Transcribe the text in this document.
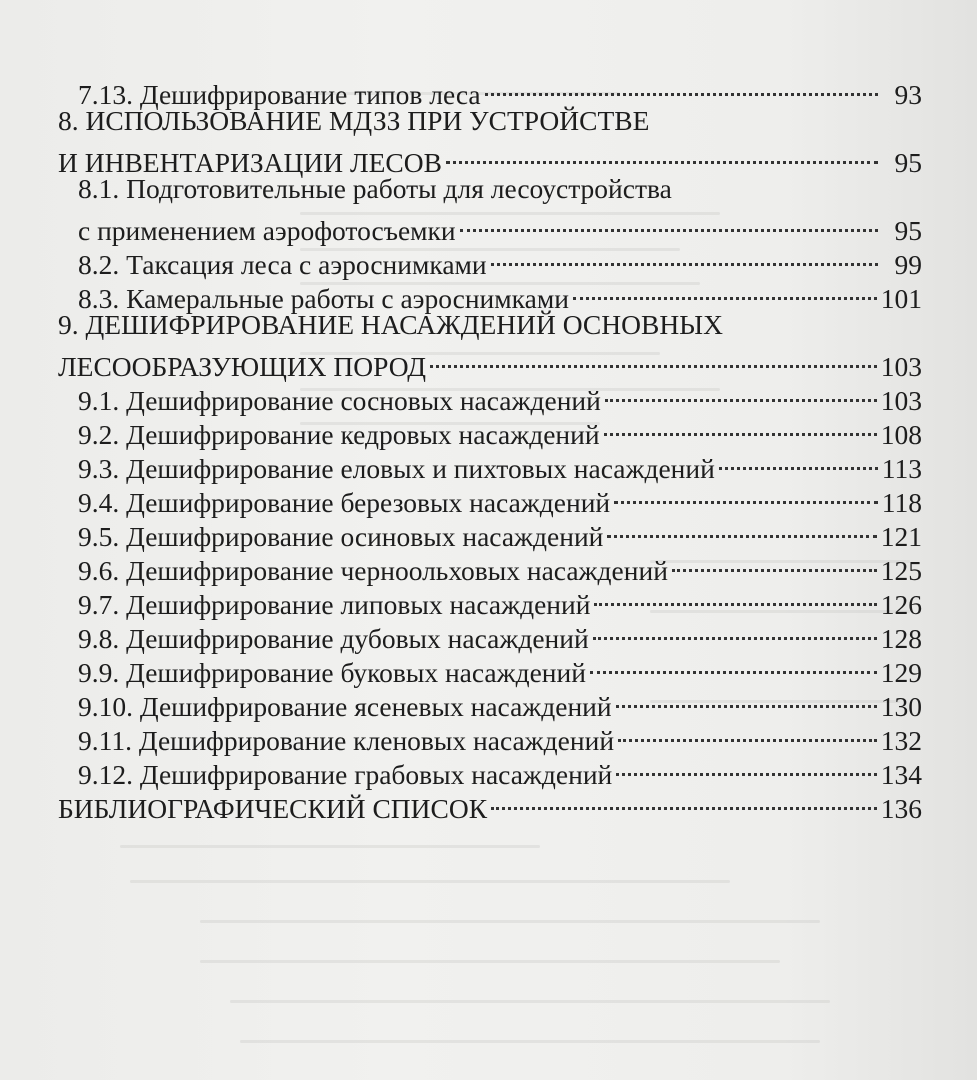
7.13. Дешифрирование типов леса	93
8. ИСПОЛЬЗОВАНИЕ МДЗЗ ПРИ УСТРОЙСТВЕ
И ИНВЕНТАРИЗАЦИИ ЛЕСОВ	95
8.1. Подготовительные работы для лесоустройства
с применением аэрофотосъемки	95
8.2. Таксация леса с аэроснимками	99
8.3. Камеральные работы с аэроснимками	101
9. ДЕШИФРИРОВАНИЕ НАСАЖДЕНИЙ ОСНОВНЫХ
ЛЕСООБРАЗУЮЩИХ ПОРОД	103
9.1. Дешифрирование сосновых насаждений	103
9.2. Дешифрирование кедровых насаждений	108
9.3. Дешифрирование еловых и пихтовых насаждений	113
9.4. Дешифрирование березовых насаждений	118
9.5. Дешифрирование осиновых насаждений	121
9.6. Дешифрирование черноольховых насаждений	125
9.7. Дешифрирование липовых насаждений	126
9.8. Дешифрирование дубовых насаждений	128
9.9. Дешифрирование буковых насаждений	129
9.10. Дешифрирование ясеневых насаждений	130
9.11. Дешифрирование кленовых насаждений	132
9.12. Дешифрирование грабовых насаждений	134
БИБЛИОГРАФИЧЕСКИЙ СПИСОК	136
